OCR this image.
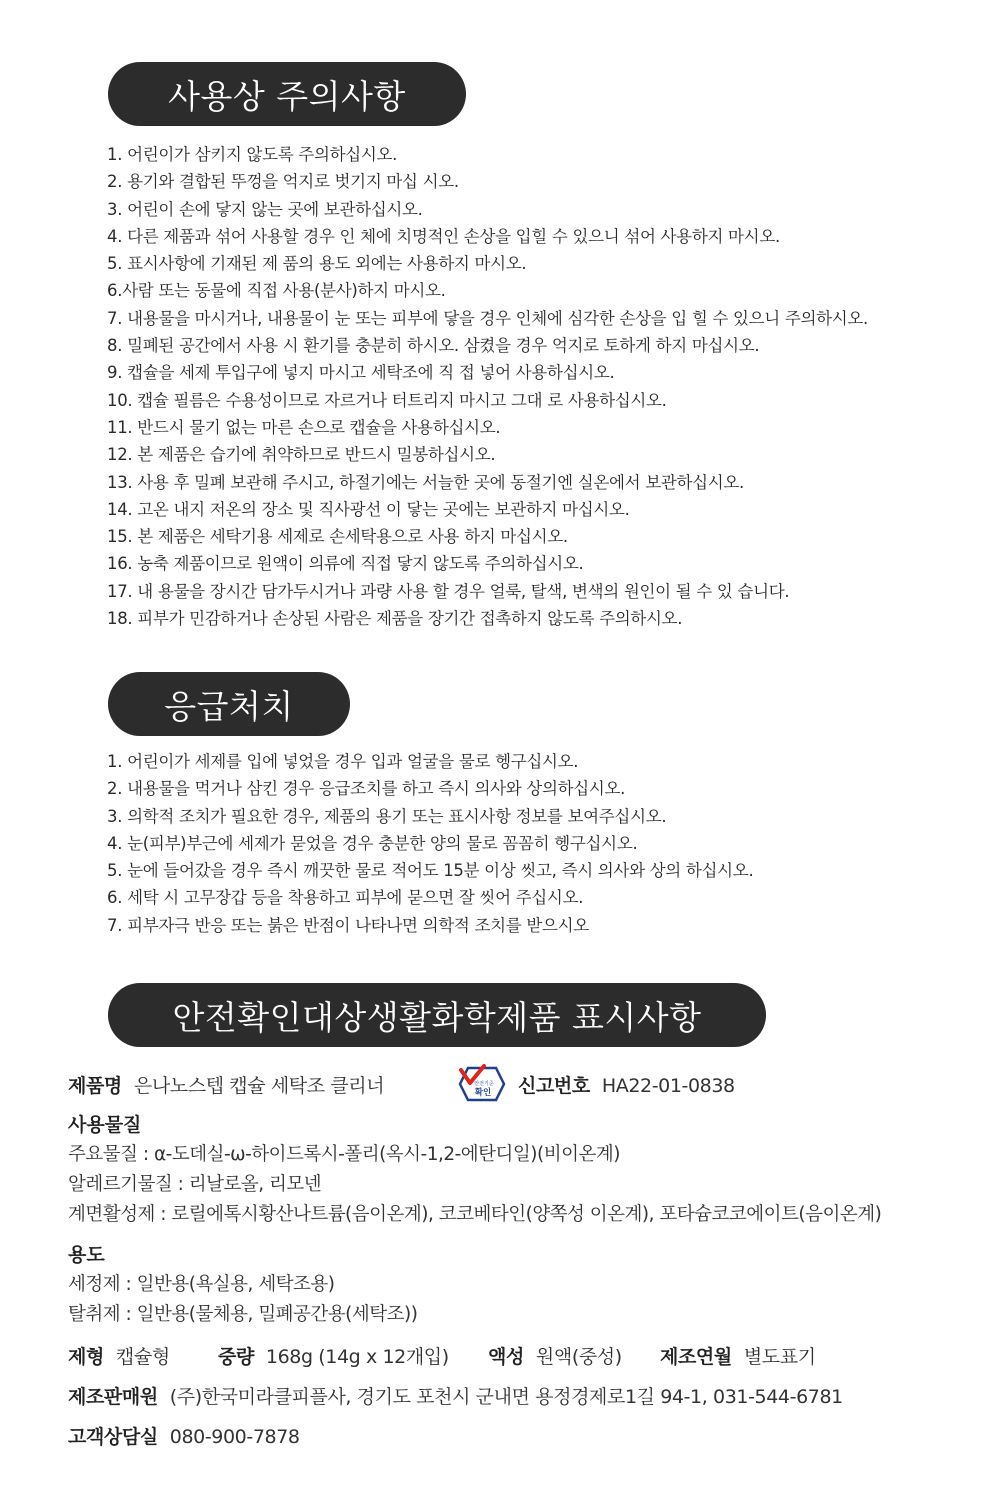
사용상 주의사항
1. 어린이가 삼키지 않도록 주의하십시오.
2. 용기와 결합된 뚜껑을 억지로 벗기지 마십 시오.
3. 어린이 손에 닿지 않는 곳에 보관하십시오.
4. 다른 제품과 섞어 사용할 경우 인 체에 치명적인 손상을 입힐 수 있으니 섞어 사용하지 마시오.
5. 표시사항에 기재된 제 품의 용도 외에는 사용하지 마시오.
6.사람 또는 동물에 직접 사용(분사)하지 마시오.
7. 내용물을 마시거나, 내용물이 눈 또는 피부에 닿을 경우 인체에 심각한 손상을 입 힐 수 있으니 주의하시오.
8. 밀폐된 공간에서 사용 시 환기를 충분히 하시오. 삼켰을 경우 억지로 토하게 하지 마십시오.
9. 캡슐을 세제 투입구에 넣지 마시고 세탁조에 직 접 넣어 사용하십시오.
10. 캡슐 필름은 수용성이므로 자르거나 터트리지 마시고 그대 로 사용하십시오.
11. 반드시 물기 없는 마른 손으로 캡슐을 사용하십시오.
12. 본 제품은 습기에 취약하므로 반드시 밀봉하십시오.
13. 사용 후 밀폐 보관해 주시고, 하절기에는 서늘한 곳에 동절기엔 실온에서 보관하십시오.
14. 고온 내지 저온의 장소 및 직사광선 이 닿는 곳에는 보관하지 마십시오.
15. 본 제품은 세탁기용 세제로 손세탁용으로 사용 하지 마십시오.
16. 농축 제품이므로 원액이 의류에 직접 닿지 않도록 주의하십시오.
17. 내 용물을 장시간 담가두시거나 과량 사용 할 경우 얼룩, 탈색, 변색의 원인이 될 수 있 습니다.
18. 피부가 민감하거나 손상된 사람은 제품을 장기간 접촉하지 않도록 주의하시오.
응급처치
1. 어린이가 세제를 입에 넣었을 경우 입과 얼굴을 물로 헹구십시오.
2. 내용물을 먹거나 삼킨 경우 응급조치를 하고 즉시 의사와 상의하십시오.
3. 의학적 조치가 필요한 경우, 제품의 용기 또는 표시사항 정보를 보여주십시오.
4. 눈(피부)부근에 세제가 묻었을 경우 충분한 양의 물로 꼼꼼히 헹구십시오.
5. 눈에 들어갔을 경우 즉시 깨끗한 물로 적어도 15분 이상 씻고, 즉시 의사와 상의 하십시오.
6. 세탁 시 고무장갑 등을 착용하고 피부에 묻으면 잘 씻어 주십시오.
7. 피부자극 반응 또는 붉은 반점이 나타나면 의학적 조치를 받으시오
안전확인대상생활화학제품 표시사항
제품명 은나노스텝 캡슐 세탁조 클리너	안전기준
확인 신고번호 HA22-01-0838
사용물질
주요물질 : α-도데실-ω-하이드록시-폴리(옥시-1,2-에탄디일)(비이온계)
알레르기물질 : 리날로올, 리모넨
계면활성제 : 로릴에톡시황산나트륨(음이온계), 코코베타인(양쪽성 이온계), 포타슘코코에이트(음이온계)
용도
세정제 : 일반용(욕실용, 세탁조용)
탈취제 : 일반용(물체용, 밀폐공간용(세탁조))
제형 캡슐형	중량 168g (14g x 12개입) 액성 원액(중성) 제조연월 별도표기
제조판매원 (주)한국미라클피플사, 경기도 포천시 군내면 용정경제로1길 94-1, 031-544-6781
고객상담실 080-900-7878
